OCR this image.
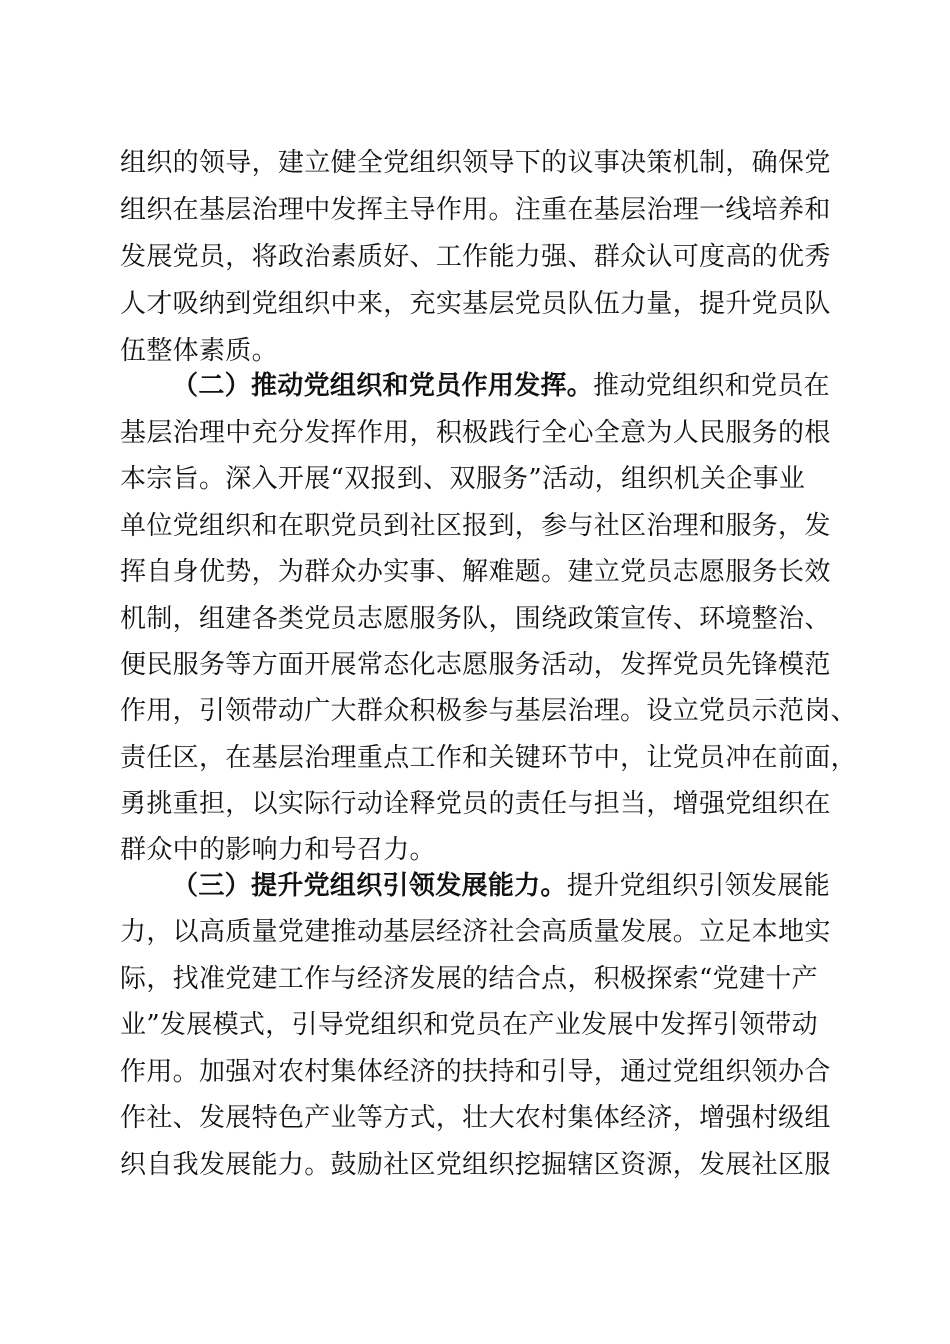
组织的领导，建立健全党组织领导下的议事决策机制，确保党
组织在基层治理中发挥主导作用。注重在基层治理一线培养和
发展党员，将政治素质好、工作能力强、群众认可度高的优秀
人才吸纳到党组织中来，充实基层党员队伍力量，提升党员队
伍整体素质。
（二）推动党组织和党员作用发挥。推动党组织和党员在
基层治理中充分发挥作用，积极践行全心全意为人民服务的根
本宗旨。深入开展“双报到、双服务”活动，组织机关企事业
单位党组织和在职党员到社区报到，参与社区治理和服务，发
挥自身优势，为群众办实事、解难题。建立党员志愿服务长效
机制，组建各类党员志愿服务队，围绕政策宣传、环境整治、
便民服务等方面开展常态化志愿服务活动，发挥党员先锋模范
作用，引领带动广大群众积极参与基层治理。设立党员示范岗、
责任区，在基层治理重点工作和关键环节中，让党员冲在前面，
勇挑重担，以实际行动诠释党员的责任与担当，增强党组织在
群众中的影响力和号召力。
（三）提升党组织引领发展能力。提升党组织引领发展能
力，以高质量党建推动基层经济社会高质量发展。立足本地实
际，找准党建工作与经济发展的结合点，积极探索“党建十产
业”发展模式，引导党组织和党员在产业发展中发挥引领带动
作用。加强对农村集体经济的扶持和引导，通过党组织领办合
作社、发展特色产业等方式，壮大农村集体经济，增强村级组
织自我发展能力。鼓励社区党组织挖掘辖区资源，发展社区服
